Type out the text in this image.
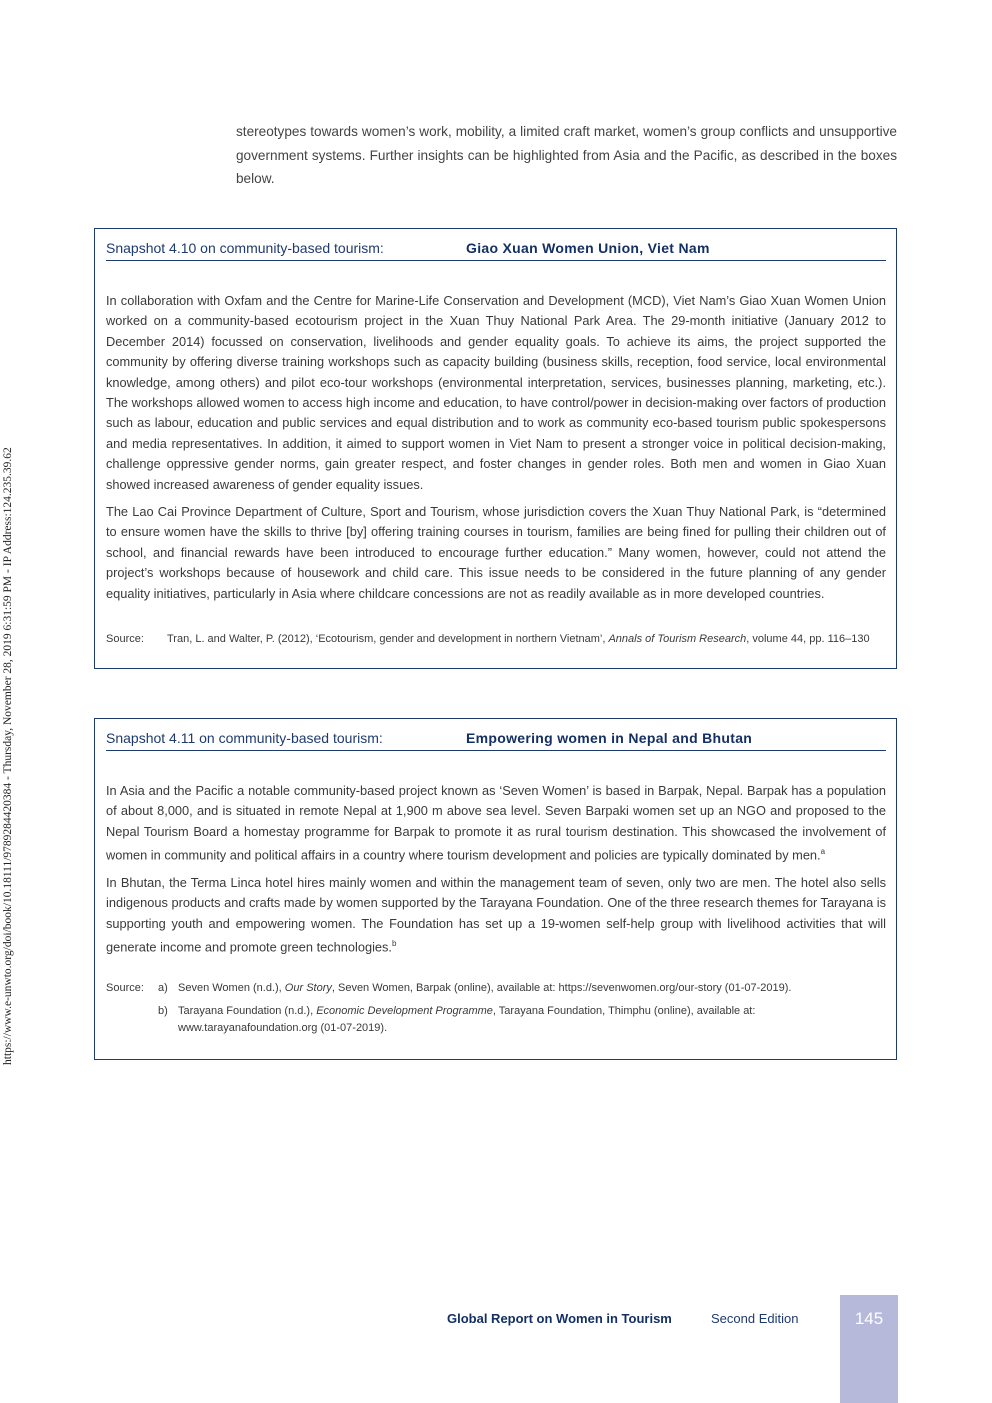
https://www.e-unwto.org/doi/book/10.18111/9789284420384 - Thursday, November 28, 2019 6:31:59 PM - IP Address:124.235.39.62

stereotypes towards women’s work, mobility, a limited craft market, women’s group conflicts and unsupportive government systems. Further insights can be highlighted from Asia and the Pacific, as described in the boxes below.

Snapshot 4.10 on community-based tourism:	Giao Xuan Women Union, Viet Nam

In collaboration with Oxfam and the Centre for Marine-Life Conservation and Development (MCD), Viet Nam’s Giao Xuan Women Union worked on a community-based ecotourism project in the Xuan Thuy National Park Area. The 29-month initiative (January 2012 to December 2014) focussed on conservation, livelihoods and gender equality goals. To achieve its aims, the project supported the community by offering diverse training workshops such as capacity building (business skills, reception, food service, local environmental knowledge, among others) and pilot eco-tour workshops (environmental interpretation, services, businesses planning, marketing, etc.). The workshops allowed women to access high income and education, to have control/power in decision-making over factors of production such as labour, education and public services and equal distribution and to work as community eco-based tourism public spokespersons and media representatives. In addition, it aimed to support women in Viet Nam to present a stronger voice in political decision-making, challenge oppressive gender norms, gain greater respect, and foster changes in gender roles. Both men and women in Giao Xuan showed increased awareness of gender equality issues.

The Lao Cai Province Department of Culture, Sport and Tourism, whose jurisdiction covers the Xuan Thuy National Park, is “determined to ensure women have the skills to thrive [by] offering training courses in tourism, families are being fined for pulling their children out of school, and financial rewards have been introduced to encourage further education.” Many women, however, could not attend the project’s workshops because of housework and child care. This issue needs to be considered in the future planning of any gender equality initiatives, particularly in Asia where childcare concessions are not as readily available as in more developed countries.

Source:	Tran, L. and Walter, P. (2012), ‘Ecotourism, gender and development in northern Vietnam’, Annals of Tourism Research, volume 44, pp. 116–130
Snapshot 4.11 on community-based tourism:	Empowering women in Nepal and Bhutan

In Asia and the Pacific a notable community-based project known as ‘Seven Women’ is based in Barpak, Nepal. Barpak has a population of about 8,000, and is situated in remote Nepal at 1,900 m above sea level. Seven Barpaki women set up an NGO and proposed to the Nepal Tourism Board a homestay programme for Barpak to promote it as rural tourism destination. This showcased the involvement of women in community and political affairs in a country where tourism development and policies are typically dominated by men.$^a$

In Bhutan, the Terma Linca hotel hires mainly women and within the management team of seven, only two are men. The hotel also sells indigenous products and crafts made by women supported by the Tarayana Foundation. One of the three research themes for Tarayana is supporting youth and empowering women. The Foundation has set up a 19-women self-help group with livelihood activities that will generate income and promote green technologies.$^b$

Source:	a) Seven Women (n.d.), Our Story, Seven Women, Barpak (online), available at: https://sevenwomen.org/our-story (01-07-2019).
b) Tarayana Foundation (n.d.), Economic Development Programme, Tarayana Foundation, Thimphu (online), available at: www.tarayanafoundation.org (01-07-2019).
Global Report on Women in Tourism	Second Edition	145
